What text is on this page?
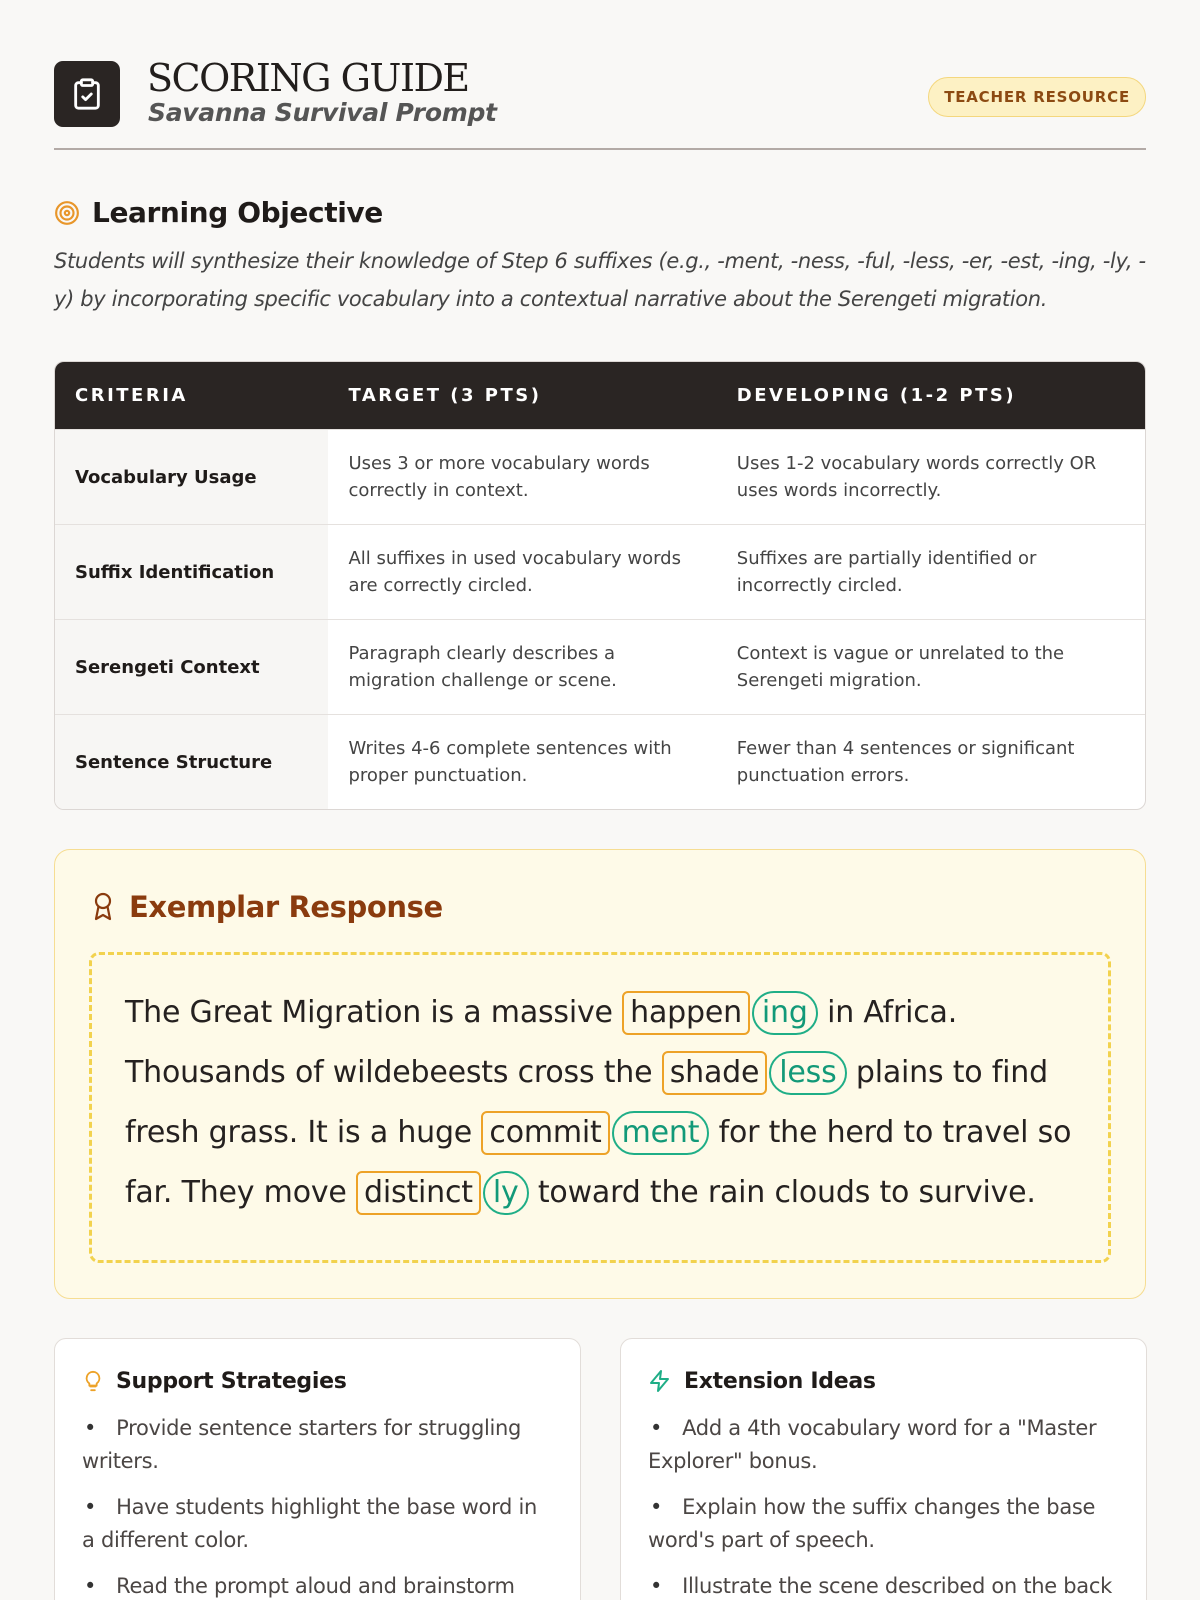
SCORING GUIDE
Savanna Survival Prompt
TEACHER RESOURCE
Learning Objective

Students will synthesize their knowledge of Step 6 suffixes (e.g., -ment, -ness, -ful, -less, -er, -est, -ing, -ly, -y) by incorporating specific vocabulary into a contextual narrative about the Serengeti migration.

CRITERIA	TARGET (3 PTS)	DEVELOPING (1-2 PTS)
Vocabulary Usage
Uses 3 or more vocabulary words correctly in context.
Uses 1-2 vocabulary words correctly OR uses words incorrectly.
Suffix Identification
All suffixes in used vocabulary words are correctly circled.
Suffixes are partially identified or incorrectly circled.
Serengeti Context
Paragraph clearly describes a migration challenge or scene.
Context is vague or unrelated to the Serengeti migration.
Sentence Structure
Writes 4-6 complete sentences with proper punctuation.
Fewer than 4 sentences or significant punctuation errors.
Exemplar Response

The Great Migration is a massive happen ing in Africa. Thousands of wildebeests cross the shade less plains to find fresh grass. It is a huge commit ment for the herd to travel so far. They move distinct ly toward the rain clouds to survive.

Support Strategies
• Provide sentence starters for struggling writers.
• Have students highlight the base word in a different color.
• Read the prompt aloud and brainstorm
Extension Ideas
• Add a 4th vocabulary word for a "Master Explorer" bonus.
• Explain how the suffix changes the base word's part of speech.
• Illustrate the scene described on the back
